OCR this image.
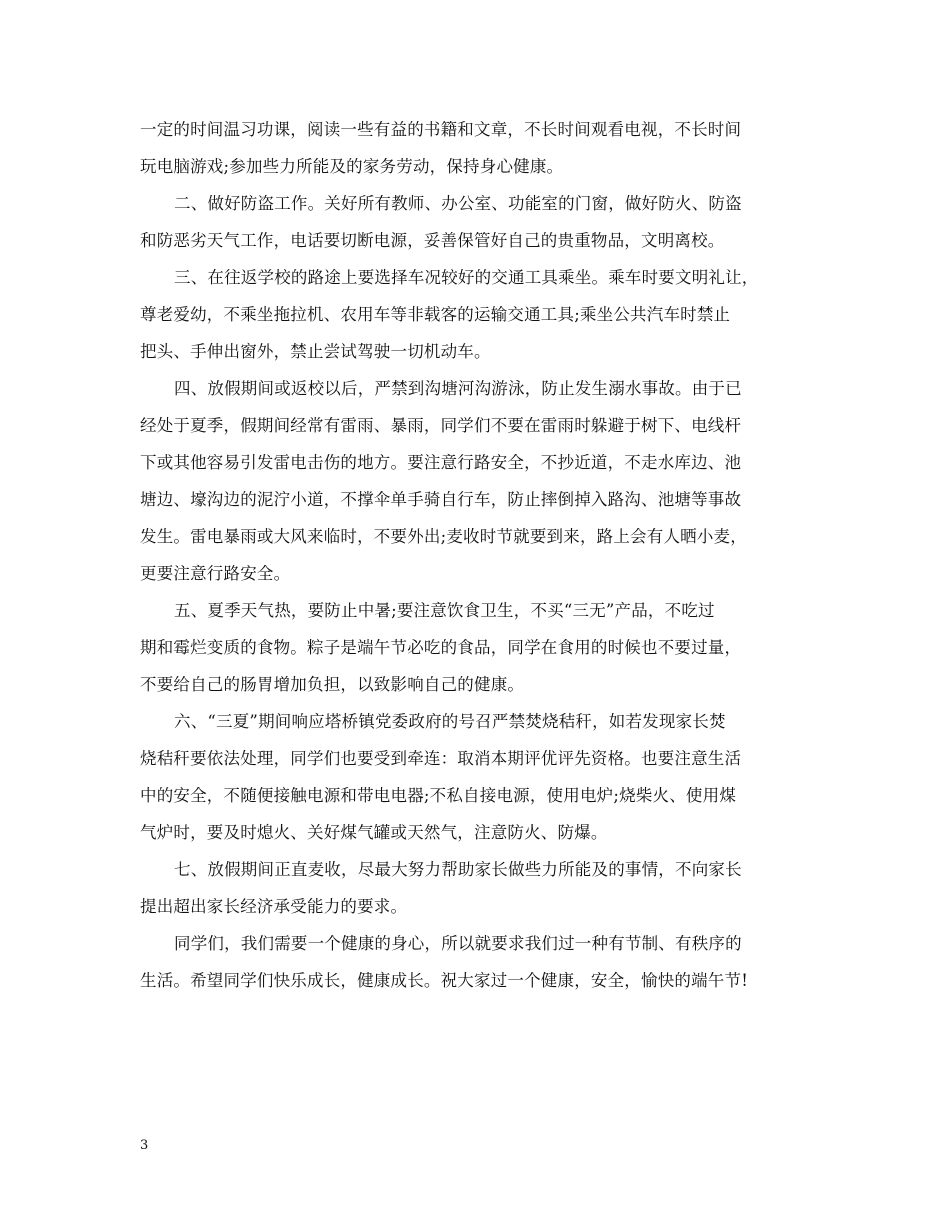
一定的时间温习功课，阅读一些有益的书籍和文章，不长时间观看电视，不长时间
玩电脑游戏;参加些力所能及的家务劳动，保持身心健康。
二、做好防盗工作。关好所有教师、办公室、功能室的门窗，做好防火、防盗
和防恶劣天气工作，电话要切断电源，妥善保管好自己的贵重物品，文明离校。
三、在往返学校的路途上要选择车况较好的交通工具乘坐。乘车时要文明礼让，
尊老爱幼，不乘坐拖拉机、农用车等非载客的运输交通工具;乘坐公共汽车时禁止
把头、手伸出窗外，禁止尝试驾驶一切机动车。
四、放假期间或返校以后，严禁到沟塘河沟游泳，防止发生溺水事故。由于已
经处于夏季，假期间经常有雷雨、暴雨，同学们不要在雷雨时躲避于树下、电线杆
下或其他容易引发雷电击伤的地方。要注意行路安全，不抄近道，不走水库边、池
塘边、壕沟边的泥泞小道，不撑伞单手骑自行车，防止摔倒掉入路沟、池塘等事故
发生。雷电暴雨或大风来临时，不要外出;麦收时节就要到来，路上会有人晒小麦，
更要注意行路安全。
五、夏季天气热，要防止中暑;要注意饮食卫生，不买“三无”产品，不吃过
期和霉烂变质的食物。粽子是端午节必吃的食品，同学在食用的时候也不要过量，
不要给自己的肠胃增加负担，以致影响自己的健康。
六、“三夏”期间响应塔桥镇党委政府的号召严禁焚烧秸秆，如若发现家长焚
烧秸秆要依法处理，同学们也要受到牵连：取消本期评优评先资格。也要注意生活
中的安全，不随便接触电源和带电电器;不私自接电源，使用电炉;烧柴火、使用煤
气炉时，要及时熄火、关好煤气罐或天然气，注意防火、防爆。
七、放假期间正直麦收，尽最大努力帮助家长做些力所能及的事情，不向家长
提出超出家长经济承受能力的要求。
同学们，我们需要一个健康的身心，所以就要求我们过一种有节制、有秩序的
生活。希望同学们快乐成长，健康成长。祝大家过一个健康，安全，愉快的端午节!
3
